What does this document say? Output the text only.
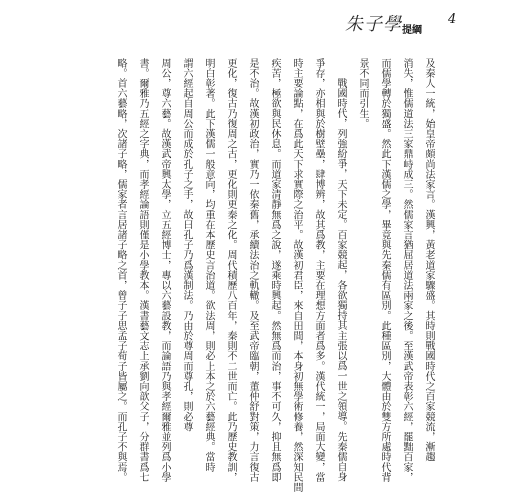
朱子學 提綱
4
及秦人一統，始皇帝頗尚法家言。漢興，黃老道家驟盛。其時則戰國時代之百家競流，漸趨
消失，惟儒道法三家鼎峙成三。然儒家言猶屈居道法兩家之後。至漢武帝表彰六經，罷黜百家，
而儒學轉於獨盛。然此下漢儒之學，畢竟與先秦儒有區別。此種區別，大體由於雙方所處時代背
景不同而引生。
戰國時代，列強紛爭，天下未定。百家競起，各欲獨持其主張以爲一世之領導。先秦儒自身
爭存，亦相與於樹壁壘，肆博辨，故其爲教，主要在理想方面者爲多。漢代統一，局面大變，當
時主要論點，在爲此天下求實際之治平。故漢初君臣，來自田間，本身初無學術修養，然深知民間
疾苦，極欲與民休息。而道家清靜無爲之說，遂乘時興起。然無爲而治，事不可久，抑且無爲即
是不治。故漢初政治，實乃一依秦舊，承續法治之軌轍。及至武帝臨朝，董仲舒對策，力言復古
更化，復古乃復周之古，更化則更秦之化。周代積歷八百年，秦則不二世而亡。此乃歷史教訓，
明白彰著。此下漢儒一般意向，均重在本歷史言治道。欲法周，則必上本之於六藝經典。當時
謂六經起自周公而成於孔子之手，故曰孔子乃爲漢制法。乃由於尊周而尊孔，則必尊
周公，尊六藝。故漢武帝興太學，立五經博士，專以六藝設教，而論語乃與孝經爾雅並列爲小學
書。爾雅乃五經之字典，而孝經論語則僅是小學教本。漢書藝文志上承劉向歆父子，分群書爲七
略。首六藝略，次諸子略，儒家者言居諸子略之首，曾子子思孟子荀子皆屬之。而孔子不與焉。
